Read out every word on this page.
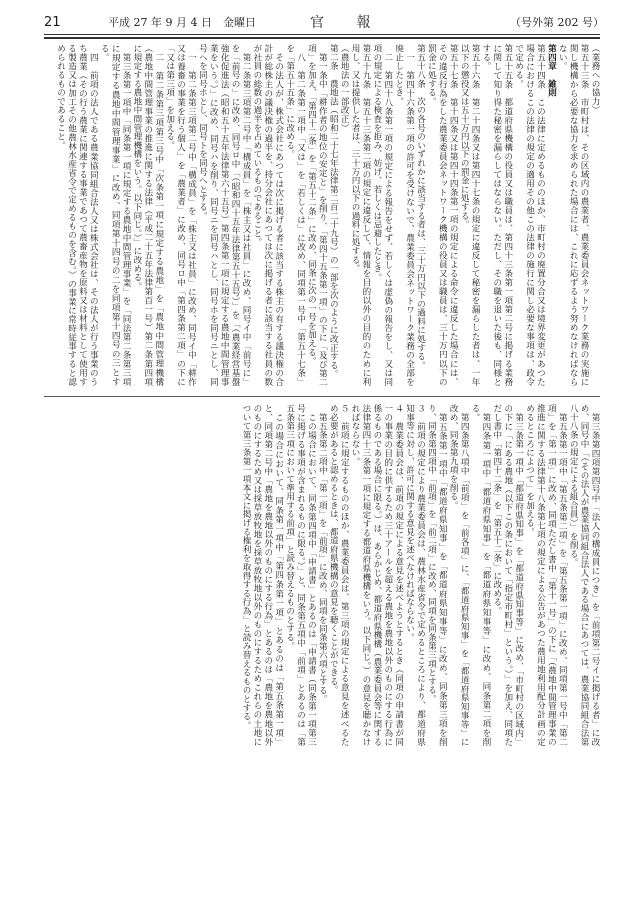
21	平成 27 年 9 月 4 日　金曜日	官 報	（号外第 202 号）

（業務への協力）

第五十三条　市町村は、その区域内の農業者、農業委員会ネットワーク業務の実施に関し機構から必要な協力を求められた場合には、これに応ずるよう努めなければならない。

第四章　雑則

第五十四条　この法律に定めるもののほか、市町村の廃置分合又は境界変更があつた場合におけるこの法律の規定の適用その他この法律の施行に関し必要な事項は、政令で定める。

第五十五条　都道府県機構の役員又は職員は、第四十三条第一項第二号に掲げる業務に関して知り得た秘密を漏らしてはならない。ただし、その職を退いた後も、同様とする。

第五十六条　第二十四条又は第四十七条の規定に違反して秘密を漏らした者は、一年以下の懲役又は五十万円以下の罰金に処する。

第五十七条　第十四条又は第四十四条第一項の規定による命令に違反した場合には、その違反行為をした農業委員会ネットワーク機構の役員又は職員は、三十万円以下の罰金に処する。

第五十八条　次の各号のいずれかに該当する者は、三十万円以下の過料に処する。

一　第四十六条第一項の許可を受けないで、農業委員会ネットワーク業務の全部を廃止したとき。

二　第四十八条第一項の規定による報告をせず、若しくは虚偽の報告をし、又は同項の規定による検査を拒み、妨げ、若しくは忌避したとき。

第五十九条　第五十三条第二項の規定に違反して、情報を目的以外の目的のために利用し、又は提供した者は、三十万円以下の過料に処する。

（農地法の一部改正）

第二条　農地法（昭和二十七年法律第二百二十九号）の一部を次のように改正する。

第一条中「耕作者の地位の安定と」を削り、「第四十五条第一項」の下に「及び第二項」を加え、「第四十二条」を「第五十二条」に改め、同条に次の一号を加える。

八　第二条第一項中「又は」を「若しくは」に改め、同項第一号中「第五十七条」を「第五十五条」に改める。

その法人が、株式会社にあつては次に掲げる者に該当する株主の有する議決権の合計が総株主の議決権の過半を、持分会社にあつては次に掲げる者に該当する社員の数が社員の総数の過半を占めているものであること。

第二条第三項第二号中「構成員」を「株主又は社員」に改め、同号イ中「前号に」を「前号の」に改め、同号ロ中「（昭和四十五年法律第五十五号）」を「（農業経営基盤強化促進法（昭和五十五年法律第六十五号）第四条第一項に規定する農地中間管理事業をいう。）」に改め、同号ハを削り、同号ニを同号ハとし、同号ホを同号ニとし、同号ヘを同号ホとし、同号トを同号ヘとする。

一　第二条第三項第二号中「構成員」を「株主又は社員」に改め、同号イ中「耕作又は養畜の事業を行う個人」を「農業者」に改め、同号ロ中「第四条第二項」の下に「又は第三項」を加える。

二　第二条第三項第三号中「次条第一項に規定する農地」を「農地中間管理機構（農地中間管理事業の推進に関する法律（平成二十五年法律第百一号）第二条第四項に規定する農地中間管理機構をいう。以下同じ。）」に改める。

第三条第一項中「同条第一項に規定する農地中間管理事業」を「同法第二条第三項に規定する農地中間管理事業」に改め、同項第十四号の二を同項第十四号の三とする。

四　前項の法人である農業協同組合法人又は株式会社は、その法人が行う事業のうち農業（その行う農業に関連する事業であつて農畜産物を原料又は材料として使用する製造又は加工その他農林水産省令で定めるものを含む。）の事業に常時従事すると認められるものであること。

第三条第四項第四号中「法人の構成員につき」を「前項第二号イに掲げる者」に改め、同号中「（その法人が農業協同組合法人である場合にあつては、農業協同組合法第八十八条の規定による組合員）」を削る。

第五条第一項中「第五条第二項」を「第五条第一項」に改め、同項第一号中「第二項」を「第一項」に改め、同項ただし書中「第十一号」の下に「（農地中間管理事業の推進に関する法律第十八条第七項の規定による公告があつた農用地利用配分計画の定めるところによつて」を加える。

第三条第一項中「都道府県知事」を「都道府県知事等」に改め、「市町村の区域内」の下に「にある農地（以下この条において「指定市町村」という。）」を加え、同項ただし書中「第四十二条」を「第五十二条」に改める。

第四条第一項中「都道府県知事」を「都道府県知事等」に改め、同条第二項を削る。

第四条第八項中「前項」を「前各項」に、「都道府県知事」を「都道府県知事等」に改め、同条第九項を削る。

第五条第一項中「都道府県知事」を「都道府県知事等」に改め、同条第三項を削り、同条第四項中「前項」を「前二項」に改め、同項を同条第三項とする。

３　前項の規定により農業委員会は、農林水産省令で定めるところにより、都道府県知事等に対し、許可に関する意見を述べなければならない。

４　農業委員会は、前項の規定による意見を述べようとするとき（同項の申請書が同一の事業の目的に供するため三十アールを超える農地を農地以外のものにする行為に係るものである場合に限る。）は、あらかじめ、都道府県機構（農業委員会等に関する法律第四十三条第一項に規定する都道府県機構をいう。以下同じ。）の意見を聴かなければならない。

５　前項に規定するもののほか、農業委員会は、第三項の規定による意見を述べるため必要があると認めるときは、都道府県機構の意見を聴くことができる。

第五条第二項中「第一項」を「前項」に改め、同項を同条第六項とする。

この場合において、同条第四項中「申請書」とあるのは「申請書（同条第一項第三号に掲げる事項が含まれるものに限る。）」と、同条第五項中「前項」とあるのは「第五条第三項において準用する前項」と読み替えるものとする。

この場合において、同条第一項中「第四条第一項」とあるのは「第五条第一項」と、同項第二号中「農地を農地以外のものにする行為」とあるのは「農地を農地以外のものにするため又は採草放牧地を採草放牧地以外のものにするためこれらの土地について第三条第一項本文に掲げる権利を取得する行為」と読み替えるものとする。
